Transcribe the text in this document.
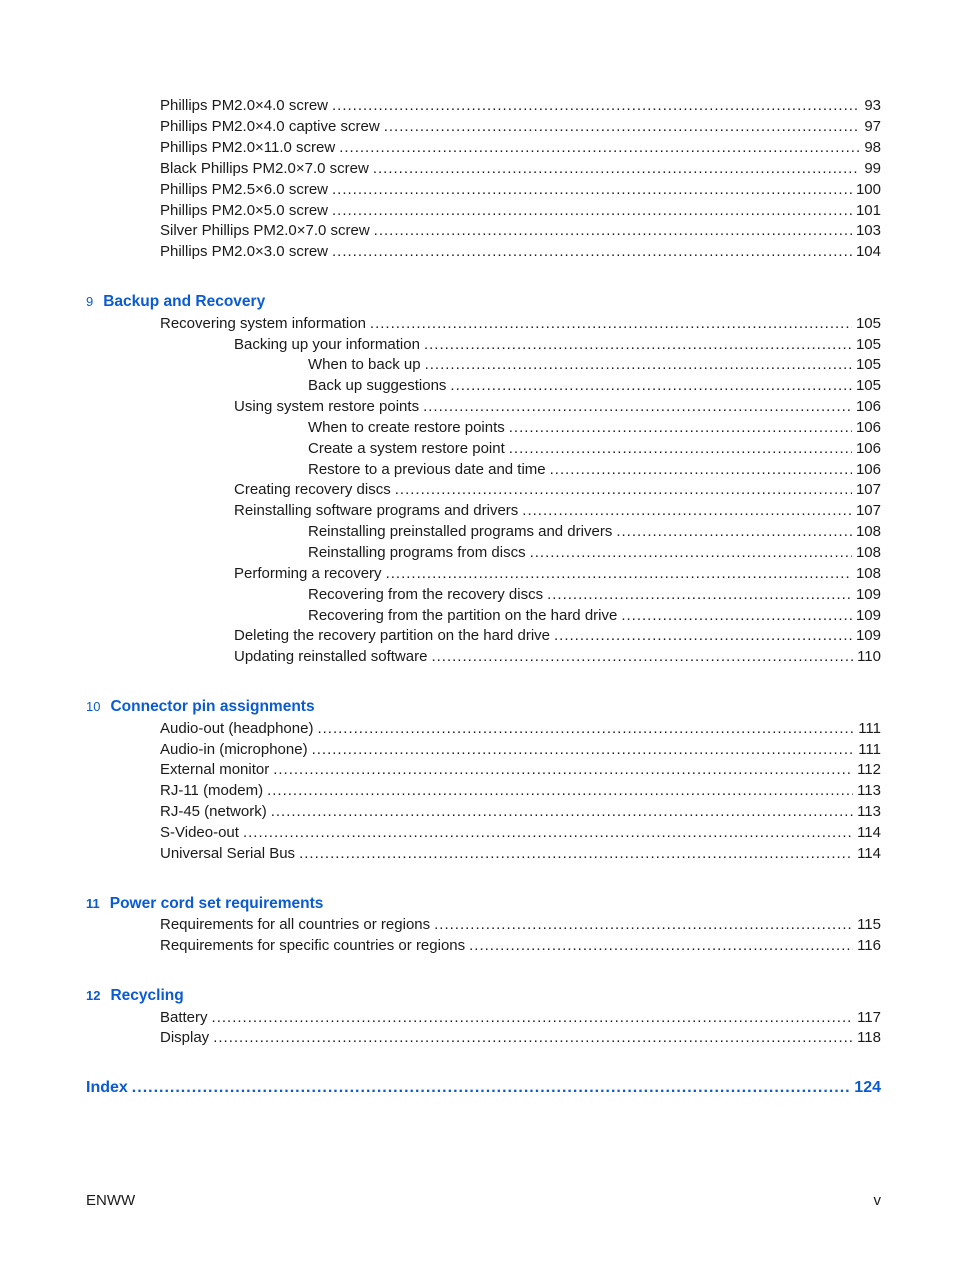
Phillips PM2.0×4.0 screw .....	93
Phillips PM2.0×4.0 captive screw .....	97
Phillips PM2.0×11.0 screw .....	98
Black Phillips PM2.0×7.0 screw .....	99
Phillips PM2.5×6.0 screw .....	100
Phillips PM2.0×5.0 screw .....	101
Silver Phillips PM2.0×7.0 screw .....	103
Phillips PM2.0×3.0 screw .....	104
9 Backup and Recovery
Recovering system information .....	105
Backing up your information .....	105
When to back up .....	105
Back up suggestions .....	105
Using system restore points .....	106
When to create restore points .....	106
Create a system restore point .....	106
Restore to a previous date and time .....	106
Creating recovery discs .....	107
Reinstalling software programs and drivers .....	107
Reinstalling preinstalled programs and drivers .....	108
Reinstalling programs from discs .....	108
Performing a recovery .....	108
Recovering from the recovery discs .....	109
Recovering from the partition on the hard drive .....	109
Deleting the recovery partition on the hard drive .....	109
Updating reinstalled software .....	110
10 Connector pin assignments
Audio-out (headphone) .....	111
Audio-in (microphone) .....	111
External monitor .....	112
RJ-11 (modem) .....	113
RJ-45 (network) .....	113
S-Video-out .....	114
Universal Serial Bus .....	114
11 Power cord set requirements
Requirements for all countries or regions .....	115
Requirements for specific countries or regions .....	116
12 Recycling
Battery .....	117
Display .....	118
Index .....	124
ENWW	v
